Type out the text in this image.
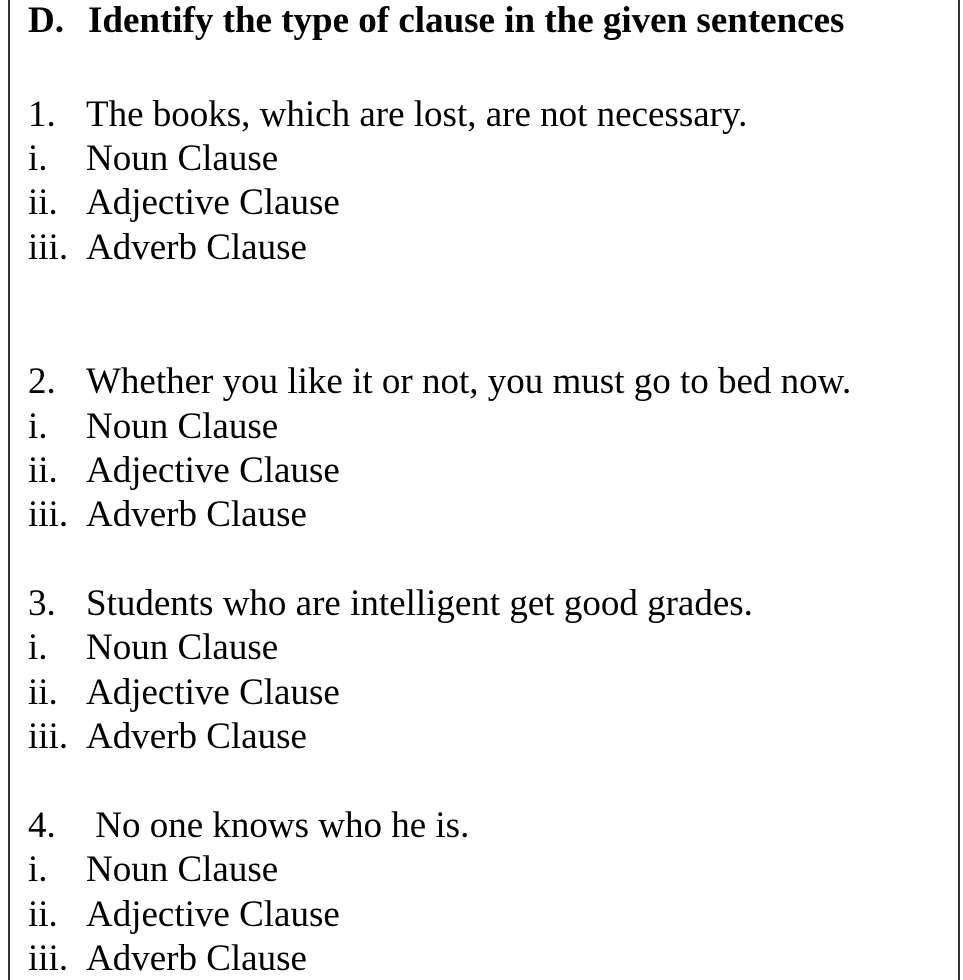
D. Identify the type of clause in the given sentences
1. The books, which are lost, are not necessary.
i. Noun Clause
ii. Adjective Clause
iii. Adverb Clause
2. Whether you like it or not, you must go to bed now.
i. Noun Clause
ii. Adjective Clause
iii. Adverb Clause
3. Students who are intelligent get good grades.
i. Noun Clause
ii. Adjective Clause
iii. Adverb Clause
4. No one knows who he is.
i. Noun Clause
ii. Adjective Clause
iii. Adverb Clause
